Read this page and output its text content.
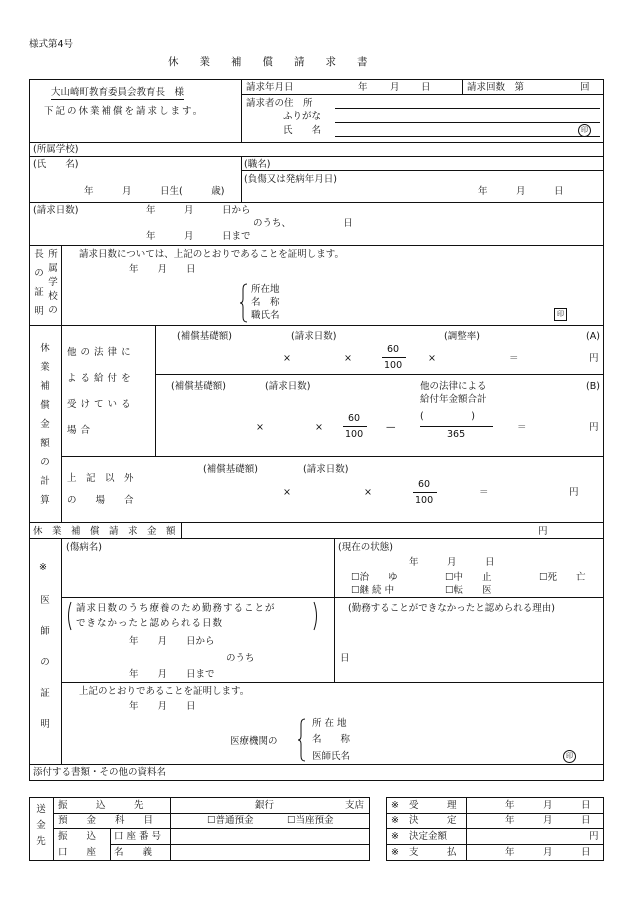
様式第4号
休　　業　　補　　償　　請　　求　　書
大山崎町教育委員会教育長　様
下記の休業補償を請求します。
請求年月日	年 月 日	請求回数　第	回
請求者の住　所
ふりがな
氏　　名	印
(所属学校)
(氏　　名)
年　　　月　　　日生(　　　歳)
(職名)
(負傷又は発病年月日)
年　　　月　　　日
(請求日数)	年　　　月　　　日から
のうち、　　　　　　日
年　　　月　　　日まで
長
の
証
明
所
属
学
校
の
請求日数については、上記のとおりであることを証明します。
年　　月　　日
所在地
名　称
職氏名	印
休
業
補
償
金
額
の
計
算
他 の 法 律 に
よ る 給 付 を
受 け て い る
場 合
(補償基礎額)	(請求日数)	(調整率)	(A)
×	×
60
100
×	＝	円
(補償基礎額)	(請求日数)	他の法律による
給付年金額合計
(B)
×	×
60
100
—
(　　　　　)
365
＝	円
上　記　以　外
の　　場　　合
(補償基礎額)	(請求日数)
×	×
60
100
＝	円
休　業　補　償　請　求　金　額	円
※
医
師
の
証
明
(傷病名)	(現在の状態)
年　　　月　　　日
☐治　　ゆ	☐中　　止	☐死　　亡
☐継 続 中	☐転　　医
請求日数のうち療養のため勤務することが
できなかったと認められる日数
年　　月　　日から
のうち　　　　　　　　　日
年　　月　　日まで
(勤務することができなかったと認められる理由)
上記のとおりであることを証明します。
年　　月　　日
医療機関の
所 在 地
名　　称
医師氏名	印
添付する書類・その他の資料名
送
金
先
振　　　込　　　先	銀行	支店
預　　金　　科　　目	☐普通預金	☐当座預金
振　　込
口　　座
口 座 番 号
名　　義
※ 受　　　理	年　　　月　　　日
※ 決　　　定	年　　　月　　　日
※ 決定金額	円
※ 支　　　払	年　　　月　　　日
